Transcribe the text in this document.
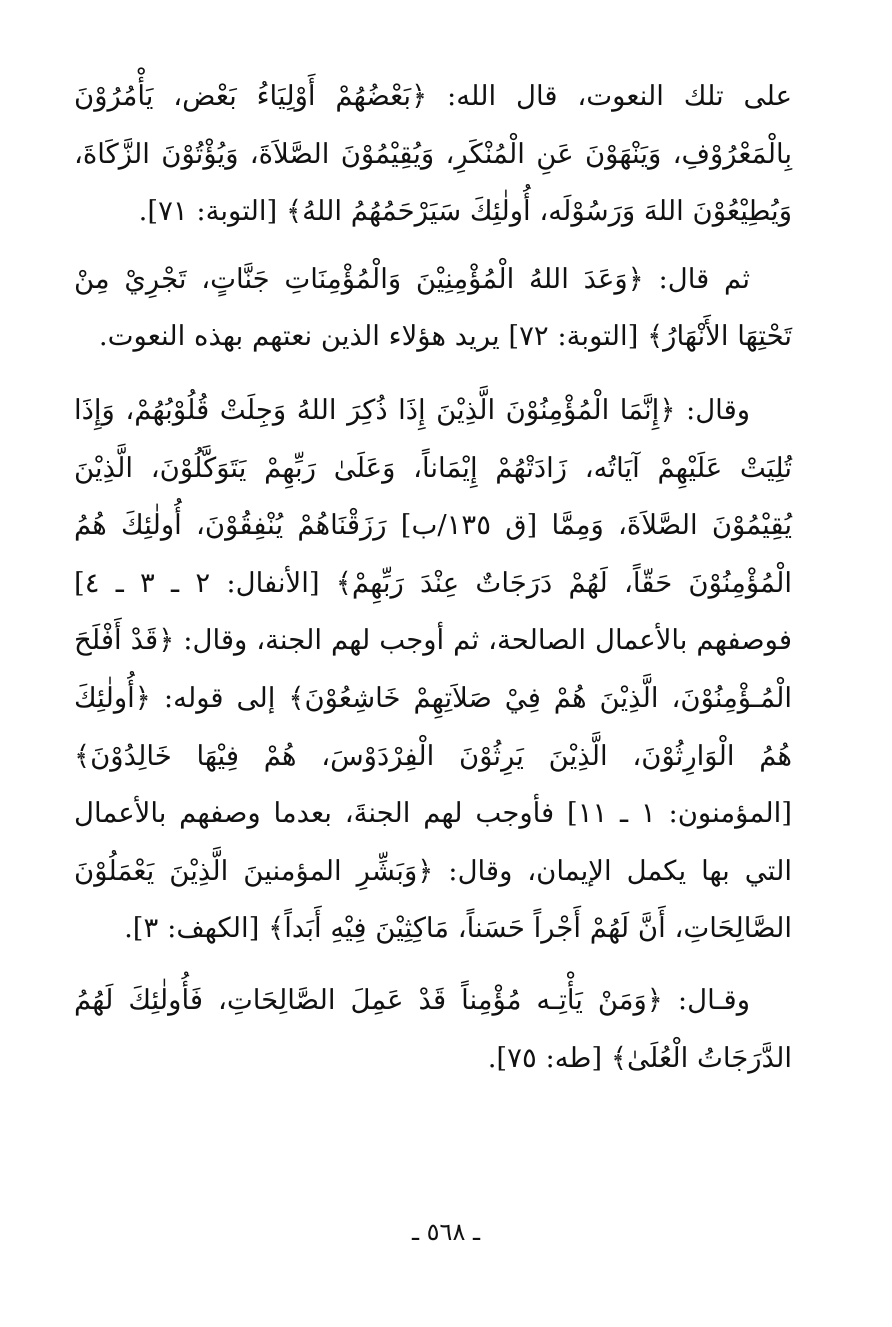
على تلك النعوت، قال الله: ﴿بَعْضُهُمْ أَوْلِيَاءُ بَعْض، يَأْمُرُوْنَ بِالْمَعْرُوْفِ، وَيَنْهَوْنَ عَنِ الْمُنْكَرِ، وَيُقِيْمُوْنَ الصَّلاَةَ، وَيُؤْتُوْنَ الزَّكَاةَ، وَيُطِيْعُوْنَ اللهَ وَرَسُوْلَه، أُولٰئِكَ سَيَرْحَمُهُمُ اللهُ﴾ [التوبة: ٧١].

ثم قال: ﴿وَعَدَ اللهُ الْمُؤْمِنِيْنَ وَالْمُؤْمِنَاتِ جَنَّاتٍ، تَجْرِيْ مِنْ تَحْتِهَا الأَنْهَارُ﴾ [التوبة: ٧٢] يريد هؤلاء الذين نعتهم بهذه النعوت.

وقال: ﴿إِنَّمَا الْمُؤْمِنُوْنَ الَّذِيْنَ إِذَا ذُكِرَ اللهُ وَجِلَتْ قُلُوْبُهُمْ، وَإِذَا تُلِيَتْ عَلَيْهِمْ آيَاتُه، زَادَتْهُمْ إِيْمَاناً، وَعَلَىٰ رَبِّهِمْ يَتَوَكَّلُوْنَ، الَّذِيْنَ يُقِيْمُوْنَ الصَّلاَةَ، وَمِمَّا [ق ١٣٥/ب] رَزَقْنَاهُمْ يُنْفِقُوْنَ، أُولٰئِكَ هُمُ الْمُؤْمِنُوْنَ حَقّاً، لَهُمْ دَرَجَاتٌ عِنْدَ رَبِّهِمْ﴾ [الأنفال: ٢ ـ ٣ ـ ٤] فوصفهم بالأعمال الصالحة، ثم أوجب لهم الجنة، وقال: ﴿قَدْ أَفْلَحَ الْمُـؤْمِنُوْنَ، الَّذِيْنَ هُمْ فِيْ صَلاَتِهِمْ خَاشِعُوْنَ﴾ إلى قوله: ﴿أُولٰئِكَ هُمُ الْوَارِثُوْنَ، الَّذِيْنَ يَرِثُوْنَ الْفِرْدَوْسَ، هُمْ فِيْهَا خَالِدُوْنَ﴾ [المؤمنون: ١ ـ ١١] فأوجب لهم الجنةَ، بعدما وصفهم بالأعمال التي بها يكمل الإيمان، وقال: ﴿وَبَشِّرِ المؤمنينَ الَّذِيْنَ يَعْمَلُوْنَ الصَّالِحَاتِ، أَنَّ لَهُمْ أَجْراً حَسَناً، مَاكِثِيْنَ فِيْهِ أَبَداً﴾ [الكهف: ٣].

وقـال: ﴿وَمَنْ يَأْتِـه مُؤْمِناً قَدْ عَمِلَ الصَّالِحَاتِ، فَأُولٰئِكَ لَهُمُ الدَّرَجَاتُ الْعُلَىٰ﴾ [طه: ٧٥].

ـ ٥٦٨ ـ
